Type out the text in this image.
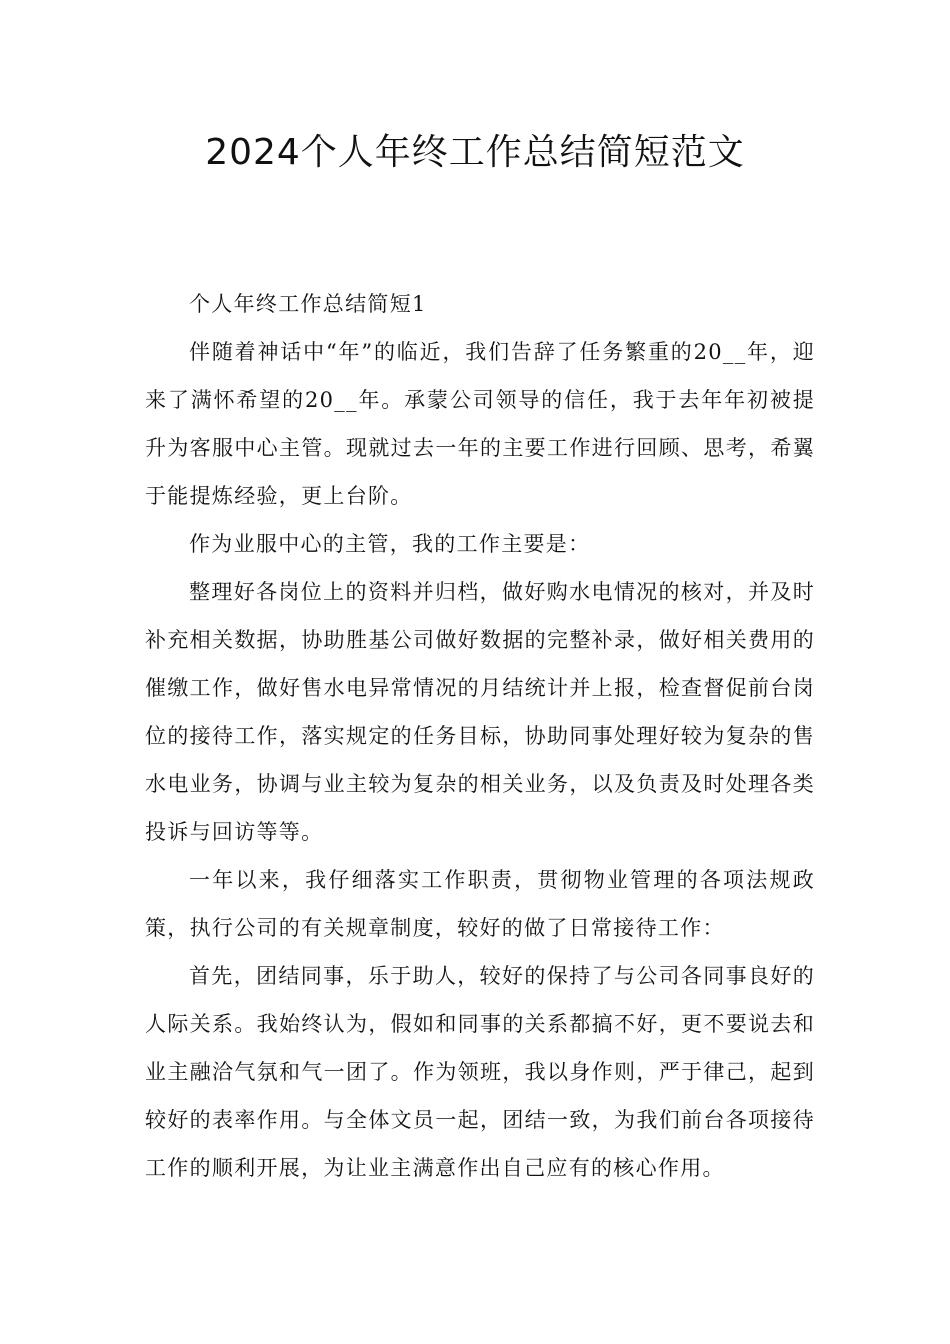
2024个人年终工作总结简短范文

个人年终工作总结简短1

伴随着神话中“年”的临近，我们告辞了任务繁重的20__年，迎来了满怀希望的20__年。承蒙公司领导的信任，我于去年年初被提升为客服中心主管。现就过去一年的主要工作进行回顾、思考，希翼于能提炼经验，更上台阶。

作为业服中心的主管，我的工作主要是：

整理好各岗位上的资料并归档，做好购水电情况的核对，并及时补充相关数据，协助胜基公司做好数据的完整补录，做好相关费用的催缴工作，做好售水电异常情况的月结统计并上报，检查督促前台岗位的接待工作，落实规定的任务目标，协助同事处理好较为复杂的售水电业务，协调与业主较为复杂的相关业务，以及负责及时处理各类投诉与回访等等。

一年以来，我仔细落实工作职责，贯彻物业管理的各项法规政策，执行公司的有关规章制度，较好的做了日常接待工作：

首先，团结同事，乐于助人，较好的保持了与公司各同事良好的人际关系。我始终认为，假如和同事的关系都搞不好，更不要说去和业主融洽气氛和气一团了。作为领班，我以身作则，严于律己，起到较好的表率作用。与全体文员一起，团结一致，为我们前台各项接待工作的顺利开展，为让业主满意作出自己应有的核心作用。
